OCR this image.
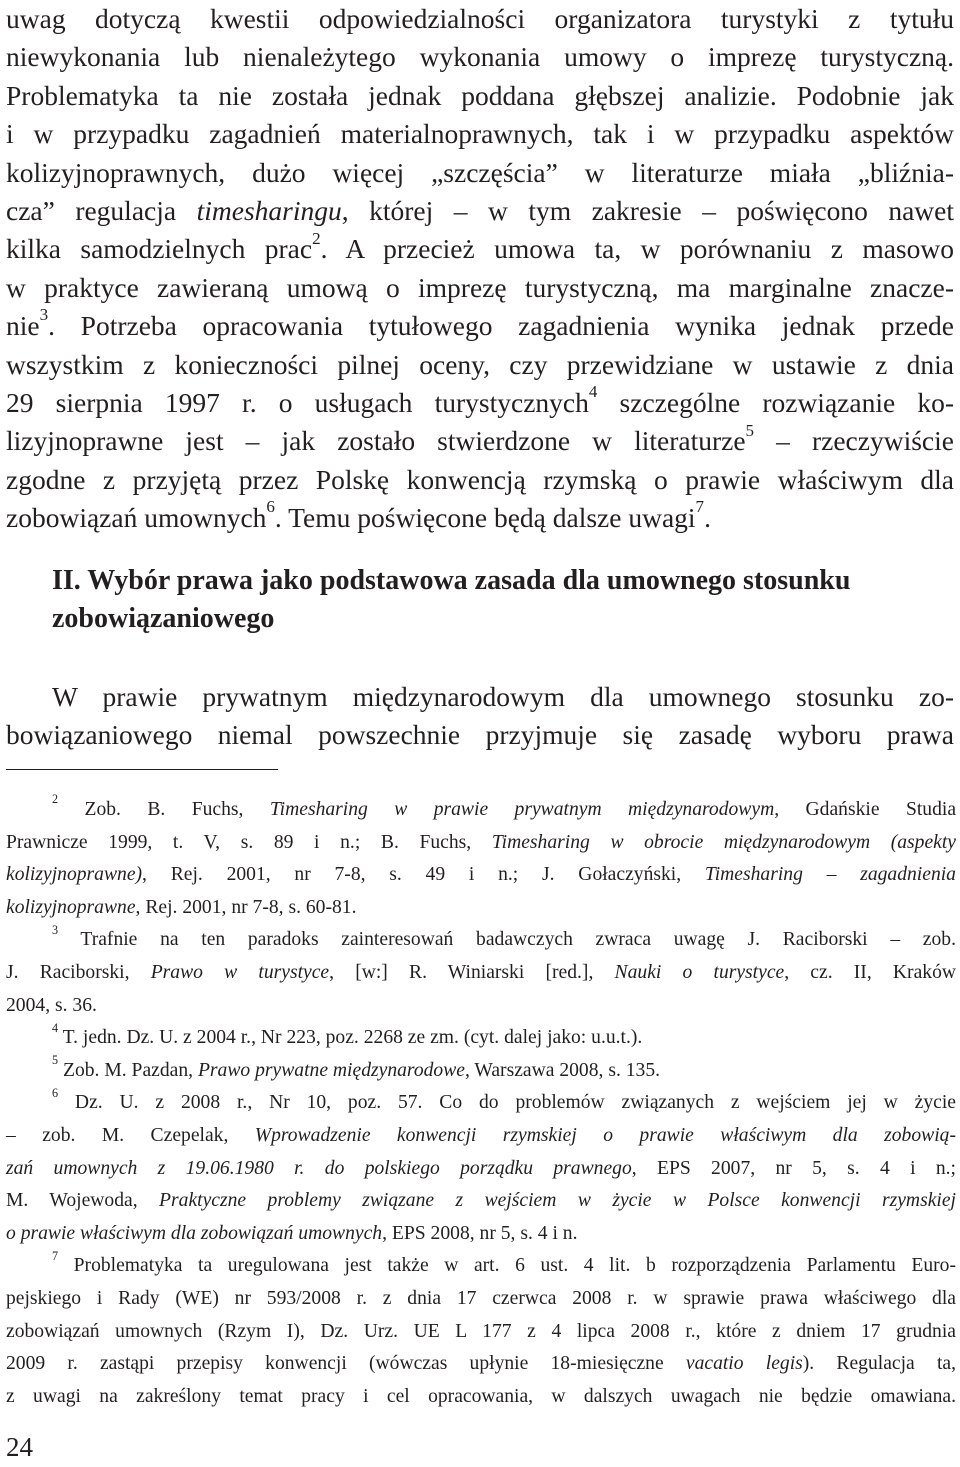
uwag dotyczą kwestii odpowiedzialności organizatora turystyki z tytułu
niewykonania lub nienależytego wykonania umowy o imprezę turystyczną.
Problematyka ta nie została jednak poddana głębszej analizie. Podobnie jak
i w przypadku zagadnień materialnoprawnych, tak i w przypadku aspektów
kolizyjnoprawnych, dużo więcej „szczęścia” w literaturze miała „bliźnia-
cza” regulacja timesharingu, której – w tym zakresie – poświęcono nawet
kilka samodzielnych prac$^2$. A przecież umowa ta, w porównaniu z masowo
w praktyce zawieraną umową o imprezę turystyczną, ma marginalne znacze-
nie$^3$. Potrzeba opracowania tytułowego zagadnienia wynika jednak przede
wszystkim z konieczności pilnej oceny, czy przewidziane w ustawie z dnia
29 sierpnia 1997 r. o usługach turystycznych$^4$ szczególne rozwiązanie ko-
lizyjnoprawne jest – jak zostało stwierdzone w literaturze$^5$ – rzeczywiście
zgodne z przyjętą przez Polskę konwencją rzymską o prawie właściwym dla
zobowiązań umownych$^6$. Temu poświęcone będą dalsze uwagi$^7$.
II. Wybór prawa jako podstawowa zasada dla umownego stosunku
zobowiązaniowego
W prawie prywatnym międzynarodowym dla umownego stosunku zo-
bowiązaniowego niemal powszechnie przyjmuje się zasadę wyboru prawa
$^2$ Zob. B. Fuchs, Timesharing w prawie prywatnym międzynarodowym, Gdańskie Studia
Prawnicze 1999, t. V, s. 89 i n.; B. Fuchs, Timesharing w obrocie międzynarodowym (aspekty
kolizyjnoprawne), Rej. 2001, nr 7-8, s. 49 i n.; J. Gołaczyński, Timesharing – zagadnienia
kolizyjnoprawne, Rej. 2001, nr 7-8, s. 60-81.
$^3$ Trafnie na ten paradoks zainteresowań badawczych zwraca uwagę J. Raciborski – zob.
J. Raciborski, Prawo w turystyce, [w:] R. Winiarski [red.], Nauki o turystyce, cz. II, Kraków
2004, s. 36.
$^4$ T. jedn. Dz. U. z 2004 r., Nr 223, poz. 2268 ze zm. (cyt. dalej jako: u.u.t.).
$^5$ Zob. M. Pazdan, Prawo prywatne międzynarodowe, Warszawa 2008, s. 135.
$^6$ Dz. U. z 2008 r., Nr 10, poz. 57. Co do problemów związanych z wejściem jej w życie
– zob. M. Czepelak, Wprowadzenie konwencji rzymskiej o prawie właściwym dla zobowią-
zań umownych z 19.06.1980 r. do polskiego porządku prawnego, EPS 2007, nr 5, s. 4 i n.;
M. Wojewoda, Praktyczne problemy związane z wejściem w życie w Polsce konwencji rzymskiej
o prawie właściwym dla zobowiązań umownych, EPS 2008, nr 5, s. 4 i n.
$^7$ Problematyka ta uregulowana jest także w art. 6 ust. 4 lit. b rozporządzenia Parlamentu Euro-
pejskiego i Rady (WE) nr 593/2008 r. z dnia 17 czerwca 2008 r. w sprawie prawa właściwego dla
zobowiązań umownych (Rzym I), Dz. Urz. UE L 177 z 4 lipca 2008 r., które z dniem 17 grudnia
2009 r. zastąpi przepisy konwencji (wówczas upłynie 18-miesięczne vacatio legis). Regulacja ta,
z uwagi na zakreślony temat pracy i cel opracowania, w dalszych uwagach nie będzie omawiana.
24
